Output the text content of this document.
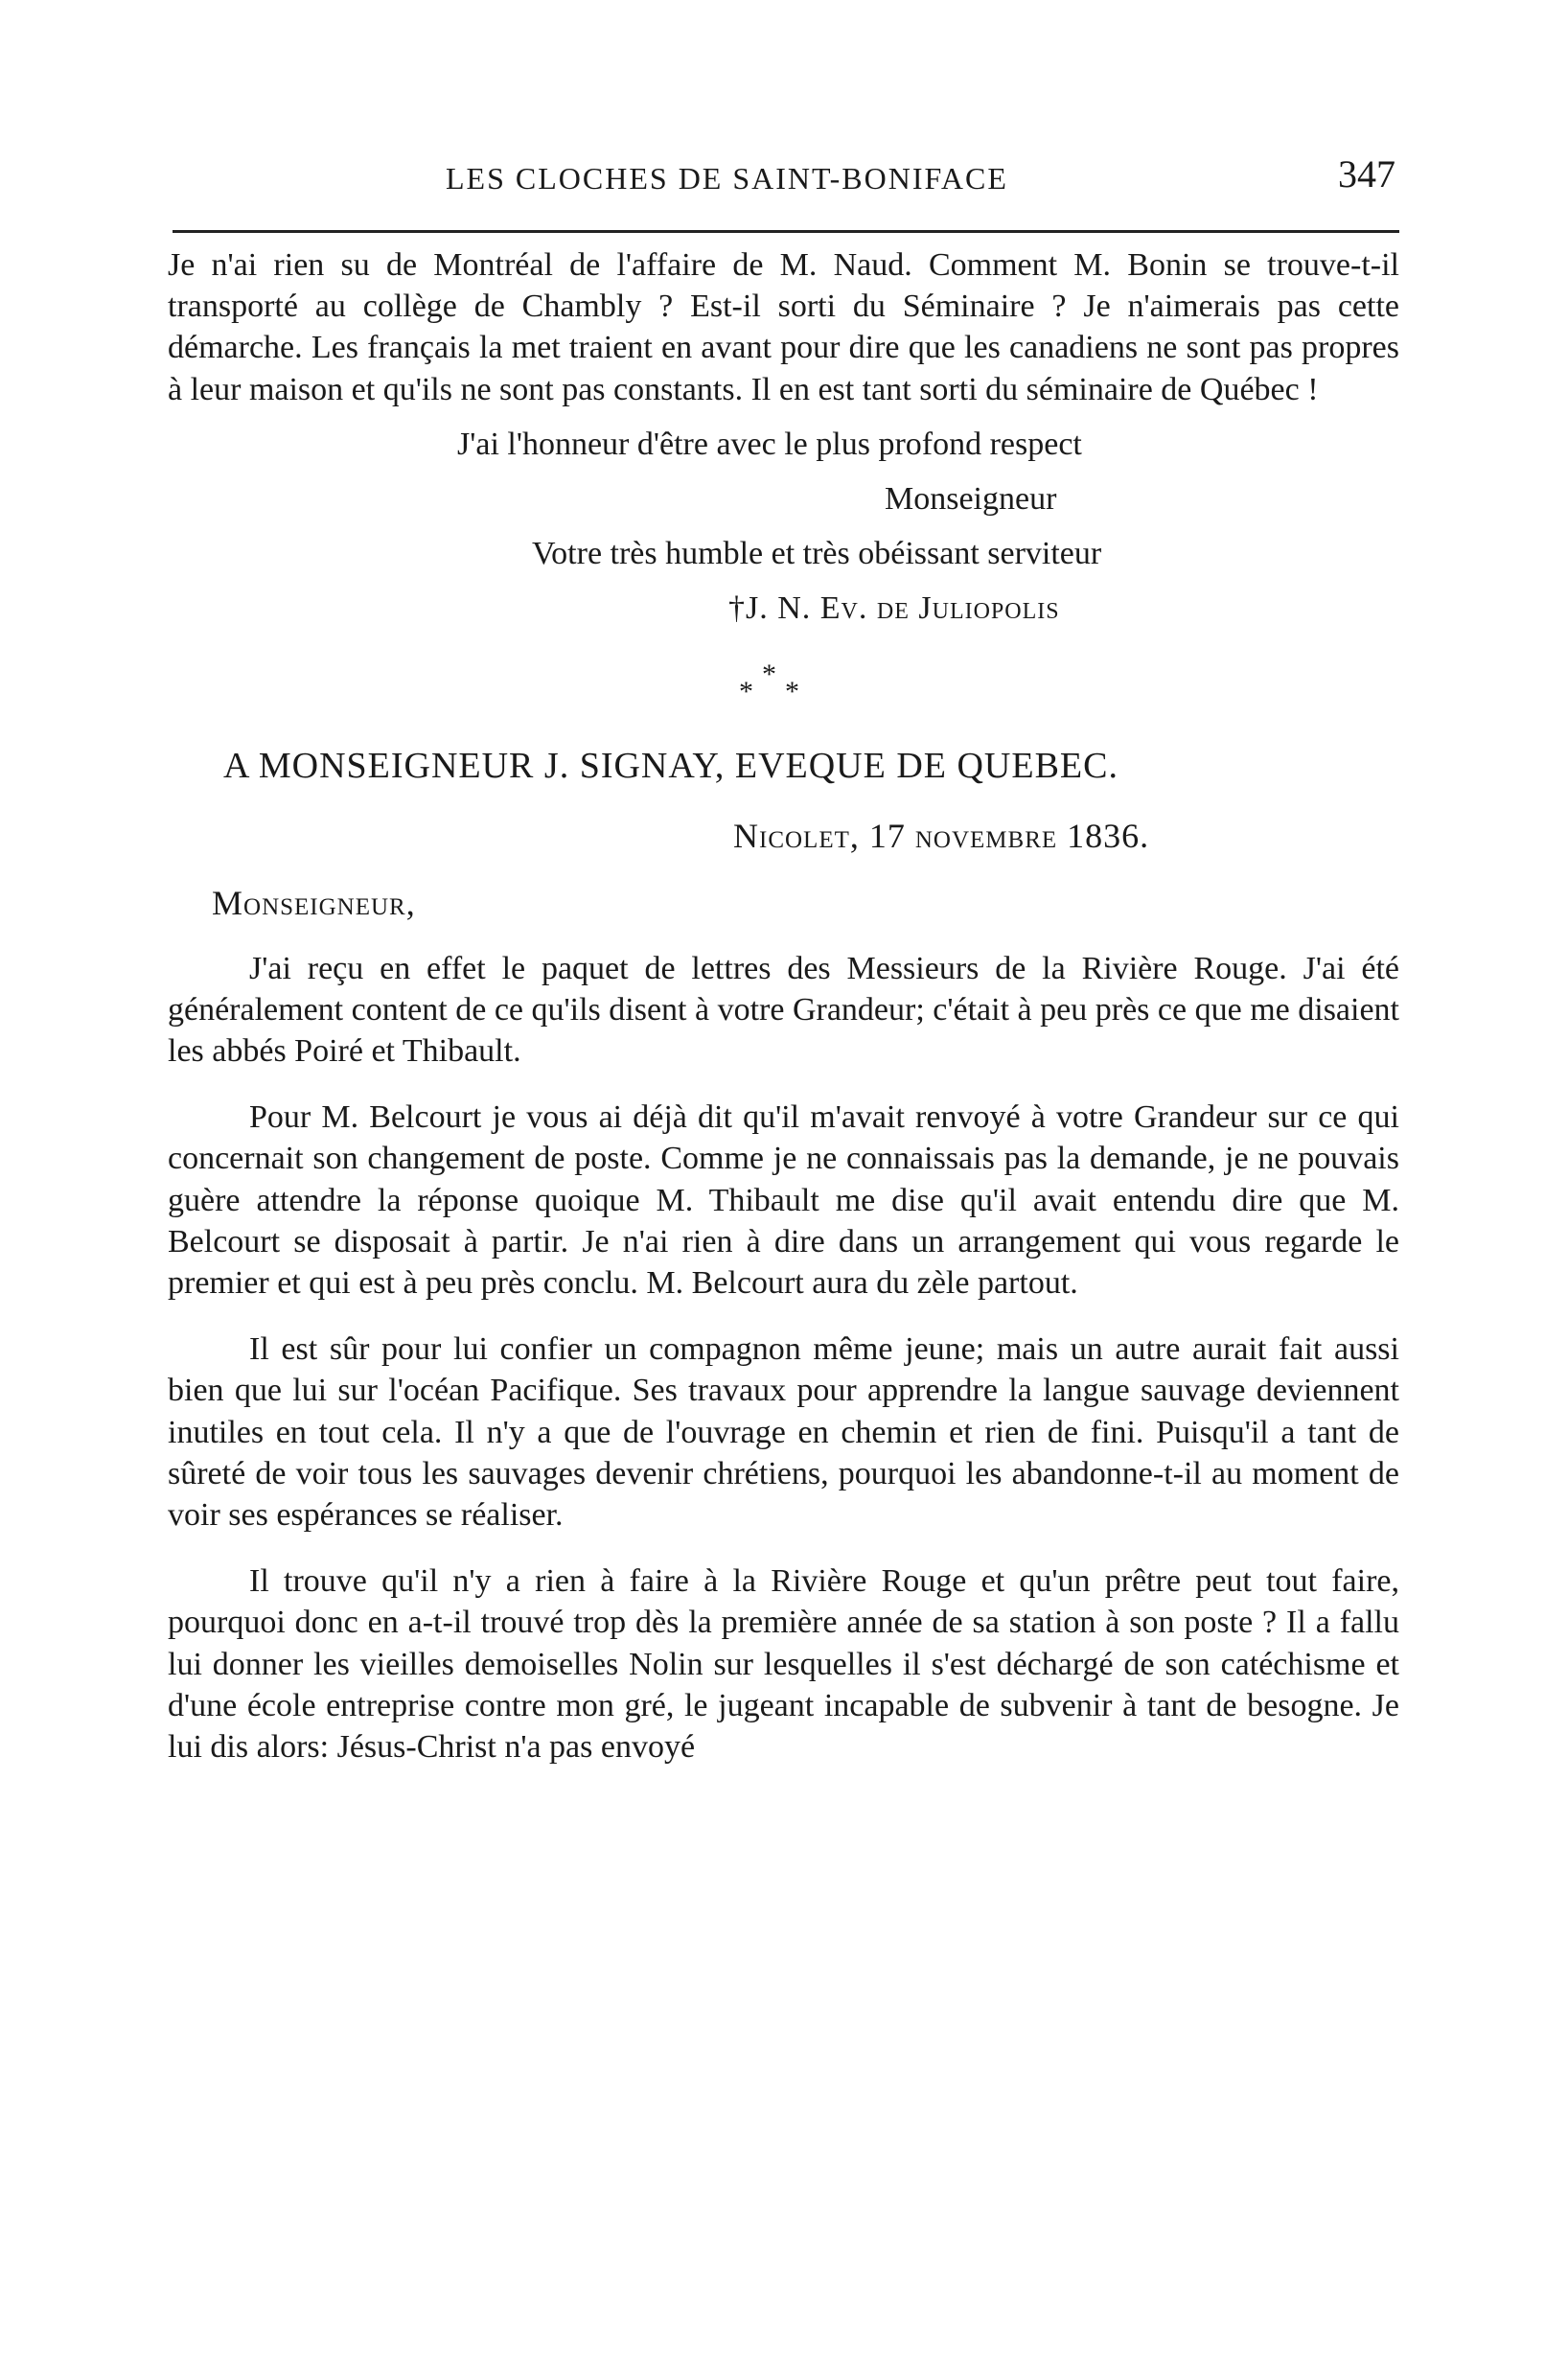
LES CLOCHES DE SAINT-BONIFACE	347

Je n'ai rien su de Montréal de l'affaire de M. Naud. Comment M. Bonin se trouve-t-il transporté au collège de Chambly ? Est-il sorti du Séminaire ? Je n'aimerais pas cette démarche. Les français la met traient en avant pour dire que les canadiens ne sont pas propres à leur maison et qu'ils ne sont pas constants. Il en est tant sorti du séminaire de Québec !

J'ai l'honneur d'être avec le plus profond respect

Monseigneur

Votre très humble et très obéissant serviteur

†J. N. Ev. de Juliopolis

*
* *
A MONSEIGNEUR J. SIGNAY, EVEQUE DE QUEBEC.
Nicolet, 17 novembre 1836.
Monseigneur,

J'ai reçu en effet le paquet de lettres des Messieurs de la Rivière Rouge. J'ai été généralement content de ce qu'ils disent à votre Grandeur; c'était à peu près ce que me disaient les abbés Poiré et Thibault.

Pour M. Belcourt je vous ai déjà dit qu'il m'avait renvoyé à votre Grandeur sur ce qui concernait son changement de poste. Comme je ne connaissais pas la demande, je ne pouvais guère attendre la réponse quoique M. Thibault me dise qu'il avait entendu dire que M. Belcourt se disposait à partir. Je n'ai rien à dire dans un arrangement qui vous regarde le premier et qui est à peu près conclu. M. Belcourt aura du zèle partout.

Il est sûr pour lui confier un compagnon même jeune; mais un autre aurait fait aussi bien que lui sur l'océan Pacifique. Ses travaux pour apprendre la langue sauvage deviennent inutiles en tout cela. Il n'y a que de l'ouvrage en chemin et rien de fini. Puisqu'il a tant de sûreté de voir tous les sauvages devenir chrétiens, pourquoi les abandonne-t-il au moment de voir ses espérances se réaliser.

Il trouve qu'il n'y a rien à faire à la Rivière Rouge et qu'un prêtre peut tout faire, pourquoi donc en a-t-il trouvé trop dès la première année de sa station à son poste ? Il a fallu lui donner les vieilles demoiselles Nolin sur lesquelles il s'est déchargé de son catéchisme et d'une école entreprise contre mon gré, le jugeant incapable de subvenir à tant de besogne. Je lui dis alors: Jésus-Christ n'a pas envoyé
